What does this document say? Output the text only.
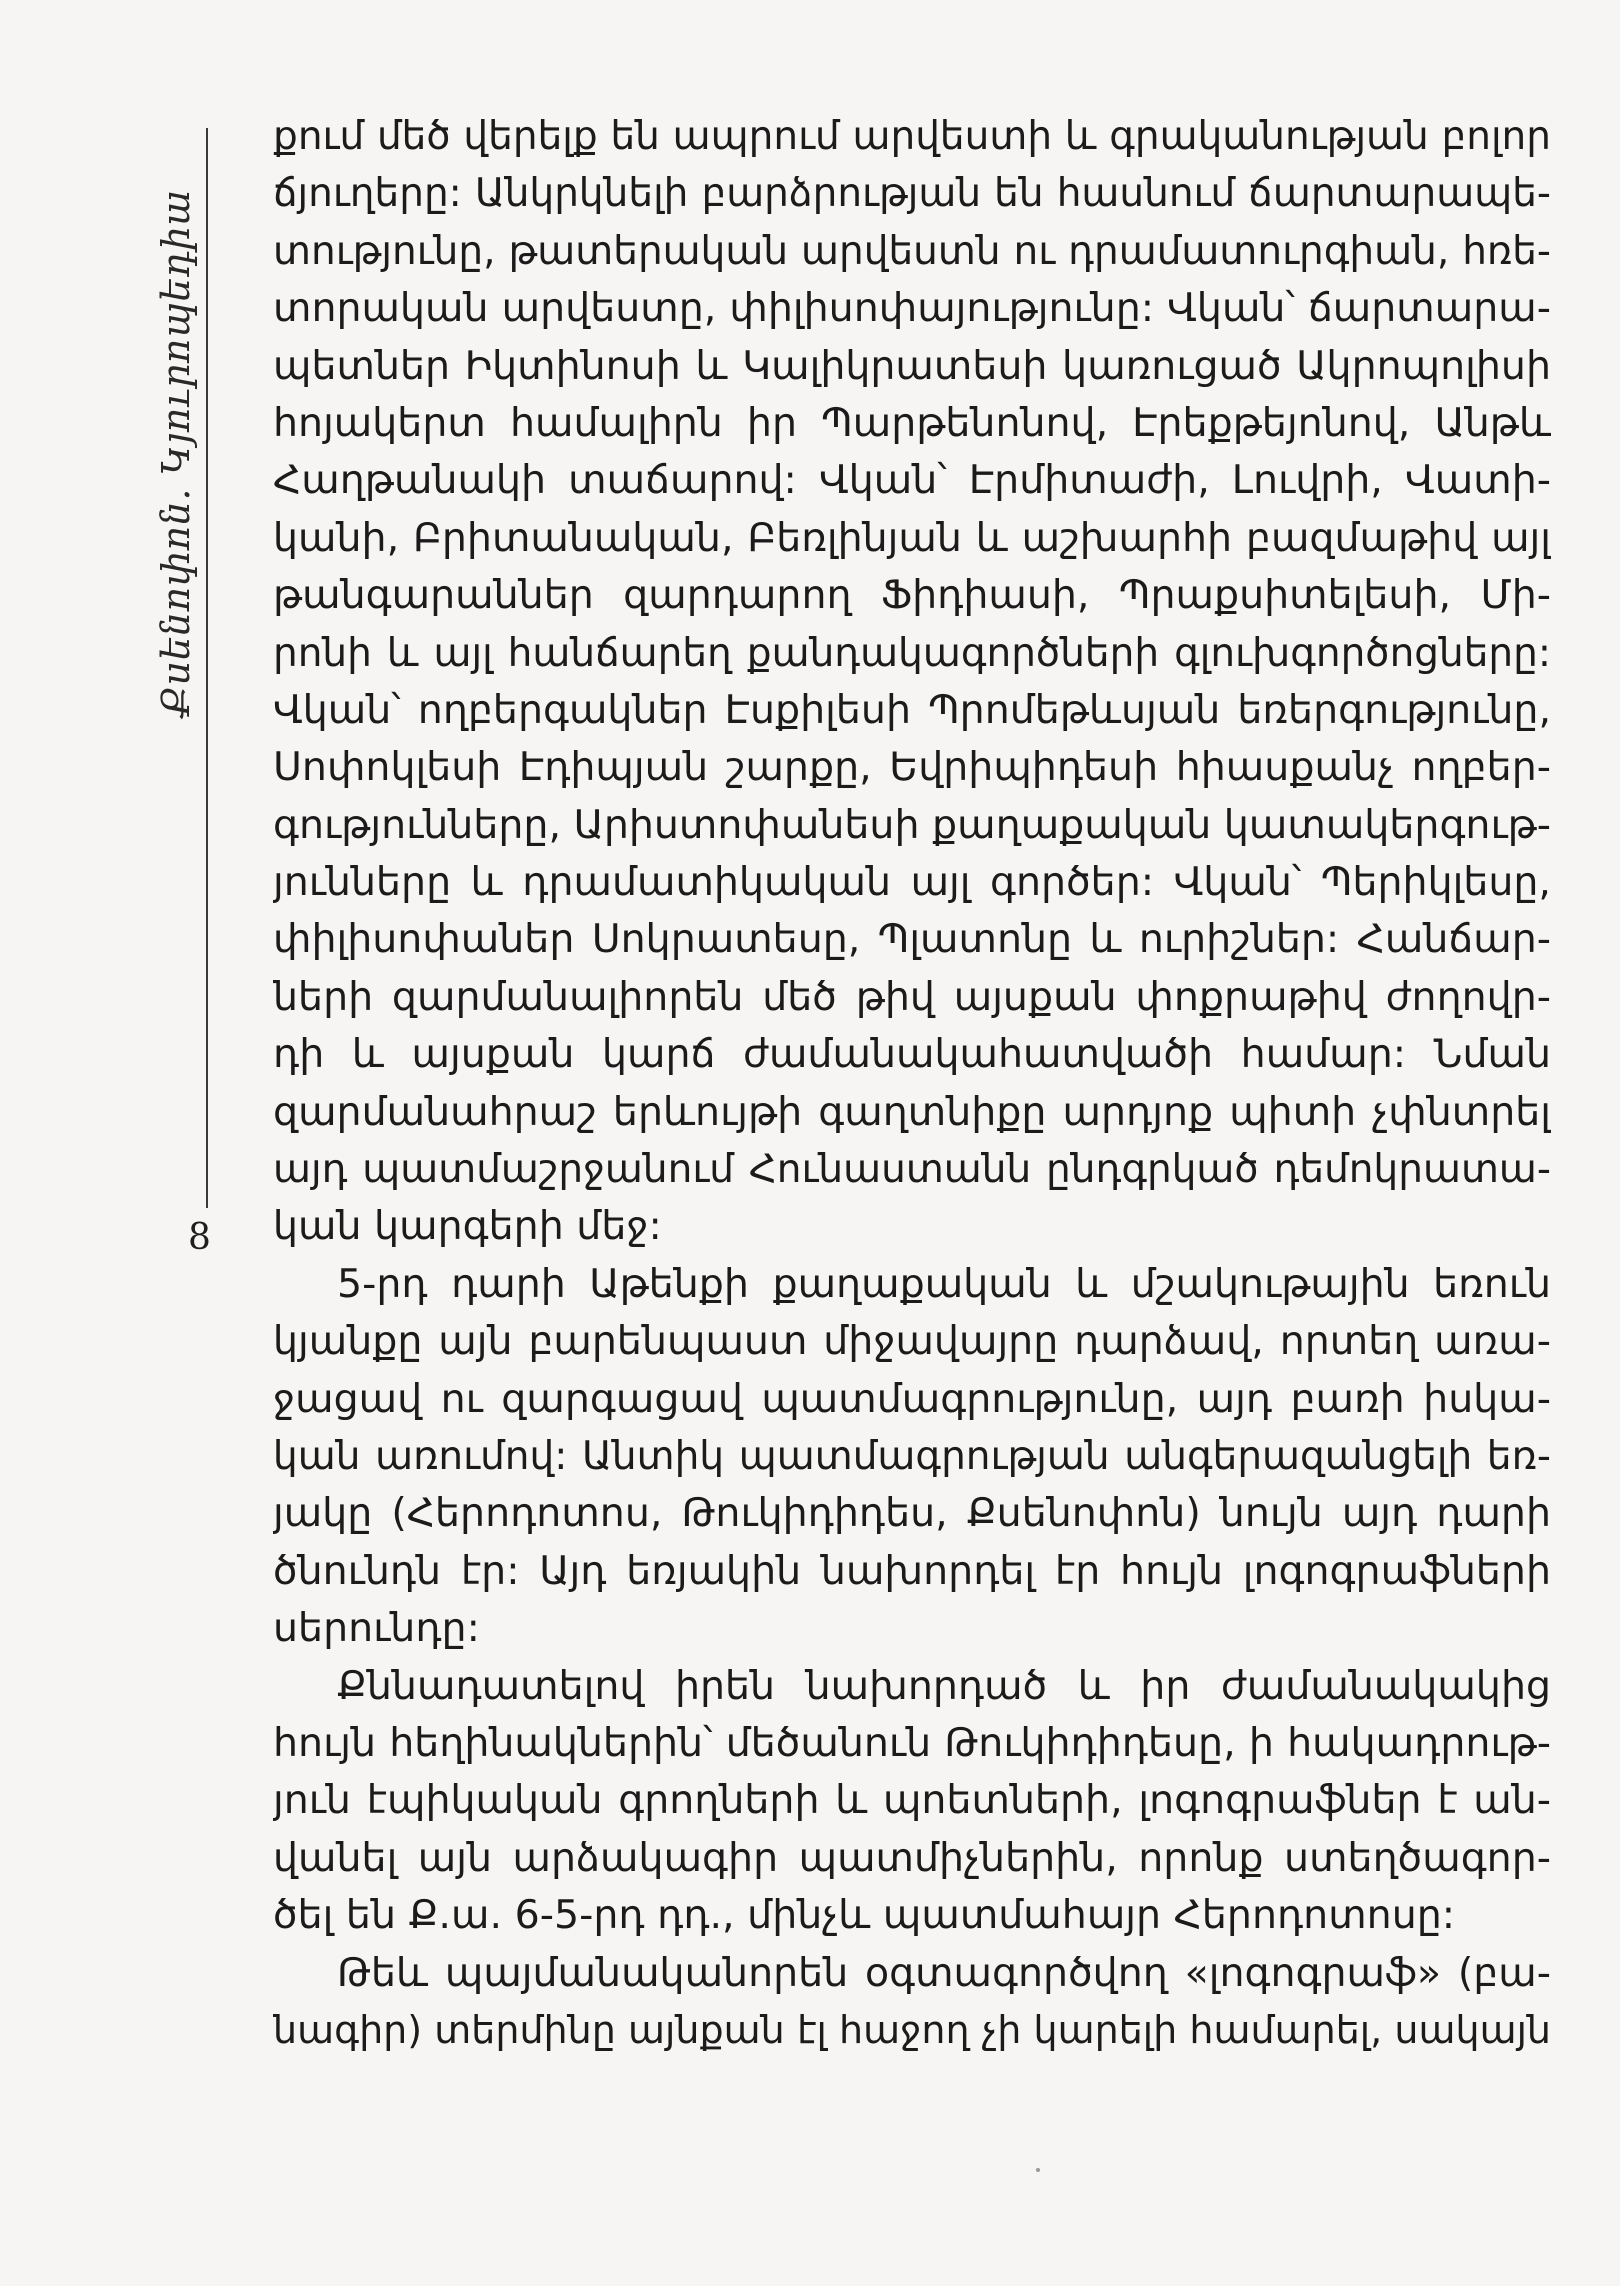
Քսենոփոն. Կյուրոպեդիա
8
քում մեծ վերելք են ապրում արվեստի և գրականության բոլոր
ճյուղերը: Անկրկնելի բարձրության են հասնում ճարտարապե-
տությունը, թատերական արվեստն ու դրամատուրգիան, հռե-
տորական արվեստը, փիլիսոփայությունը: Վկան՝ ճարտարա-
պետներ Իկտինոսի և Կալիկրատեսի կառուցած Ակրոպոլիսի
հոյակերտ համալիրն իր Պարթենոնով, Էրեքթեյոնով, Անթև
Հաղթանակի տաճարով: Վկան՝ Էրմիտաժի, Լուվրի, Վատի-
կանի, Բրիտանական, Բեռլինյան և աշխարհի բազմաթիվ այլ
թանգարաններ զարդարող Ֆիդիասի, Պրաքսիտելեսի, Մի-
րոնի և այլ հանճարեղ քանդակագործների գլուխգործոցները:
Վկան՝ ողբերգակներ Էսքիլեսի Պրոմեթևսյան եռերգությունը,
Սոփոկլեսի Էդիպյան շարքը, Եվրիպիդեսի հիասքանչ ողբեր-
գությունները, Արիստոփանեսի քաղաքական կատակերգութ-
յունները և դրամատիկական այլ գործեր: Վկան՝ Պերիկլեսը,
փիլիսոփաներ Սոկրատեսը, Պլատոնը և ուրիշներ: Հանճար-
ների զարմանալիորեն մեծ թիվ այսքան փոքրաթիվ ժողովր-
դի և այսքան կարճ ժամանակահատվածի համար: Նման
զարմանահրաշ երևույթի գաղտնիքը արդյոք պիտի չփնտրել
այդ պատմաշրջանում Հունաստանն ընդգրկած դեմոկրատա-
կան կարգերի մեջ:
5-րդ դարի Աթենքի քաղաքական և մշակութային եռուն
կյանքը այն բարենպաստ միջավայրը դարձավ, որտեղ առա-
ջացավ ու զարգացավ պատմագրությունը, այդ բառի իսկա-
կան առումով: Անտիկ պատմագրության անգերազանցելի եռ-
յակը (Հերոդոտոս, Թուկիդիդես, Քսենոփոն) նույն այդ դարի
ծնունդն էր: Այդ եռյակին նախորդել էր հույն լոգոգրաֆների
սերունդը:
Քննադատելով իրեն նախորդած և իր ժամանակակից
հույն հեղինակներին՝ մեծանուն Թուկիդիդեսը, ի հակադրութ-
յուն էպիկական գրողների և պոետների, լոգոգրաֆներ է ան-
վանել այն արձակագիր պատմիչներին, որոնք ստեղծագոր-
ծել են Ք.ա. 6-5-րդ դդ., մինչև պատմահայր Հերոդոտոսը:
Թեև պայմանականորեն օգտագործվող «լոգոգրաֆ» (բա-
նագիր) տերմինը այնքան էլ հաջող չի կարելի համարել, սակայն
